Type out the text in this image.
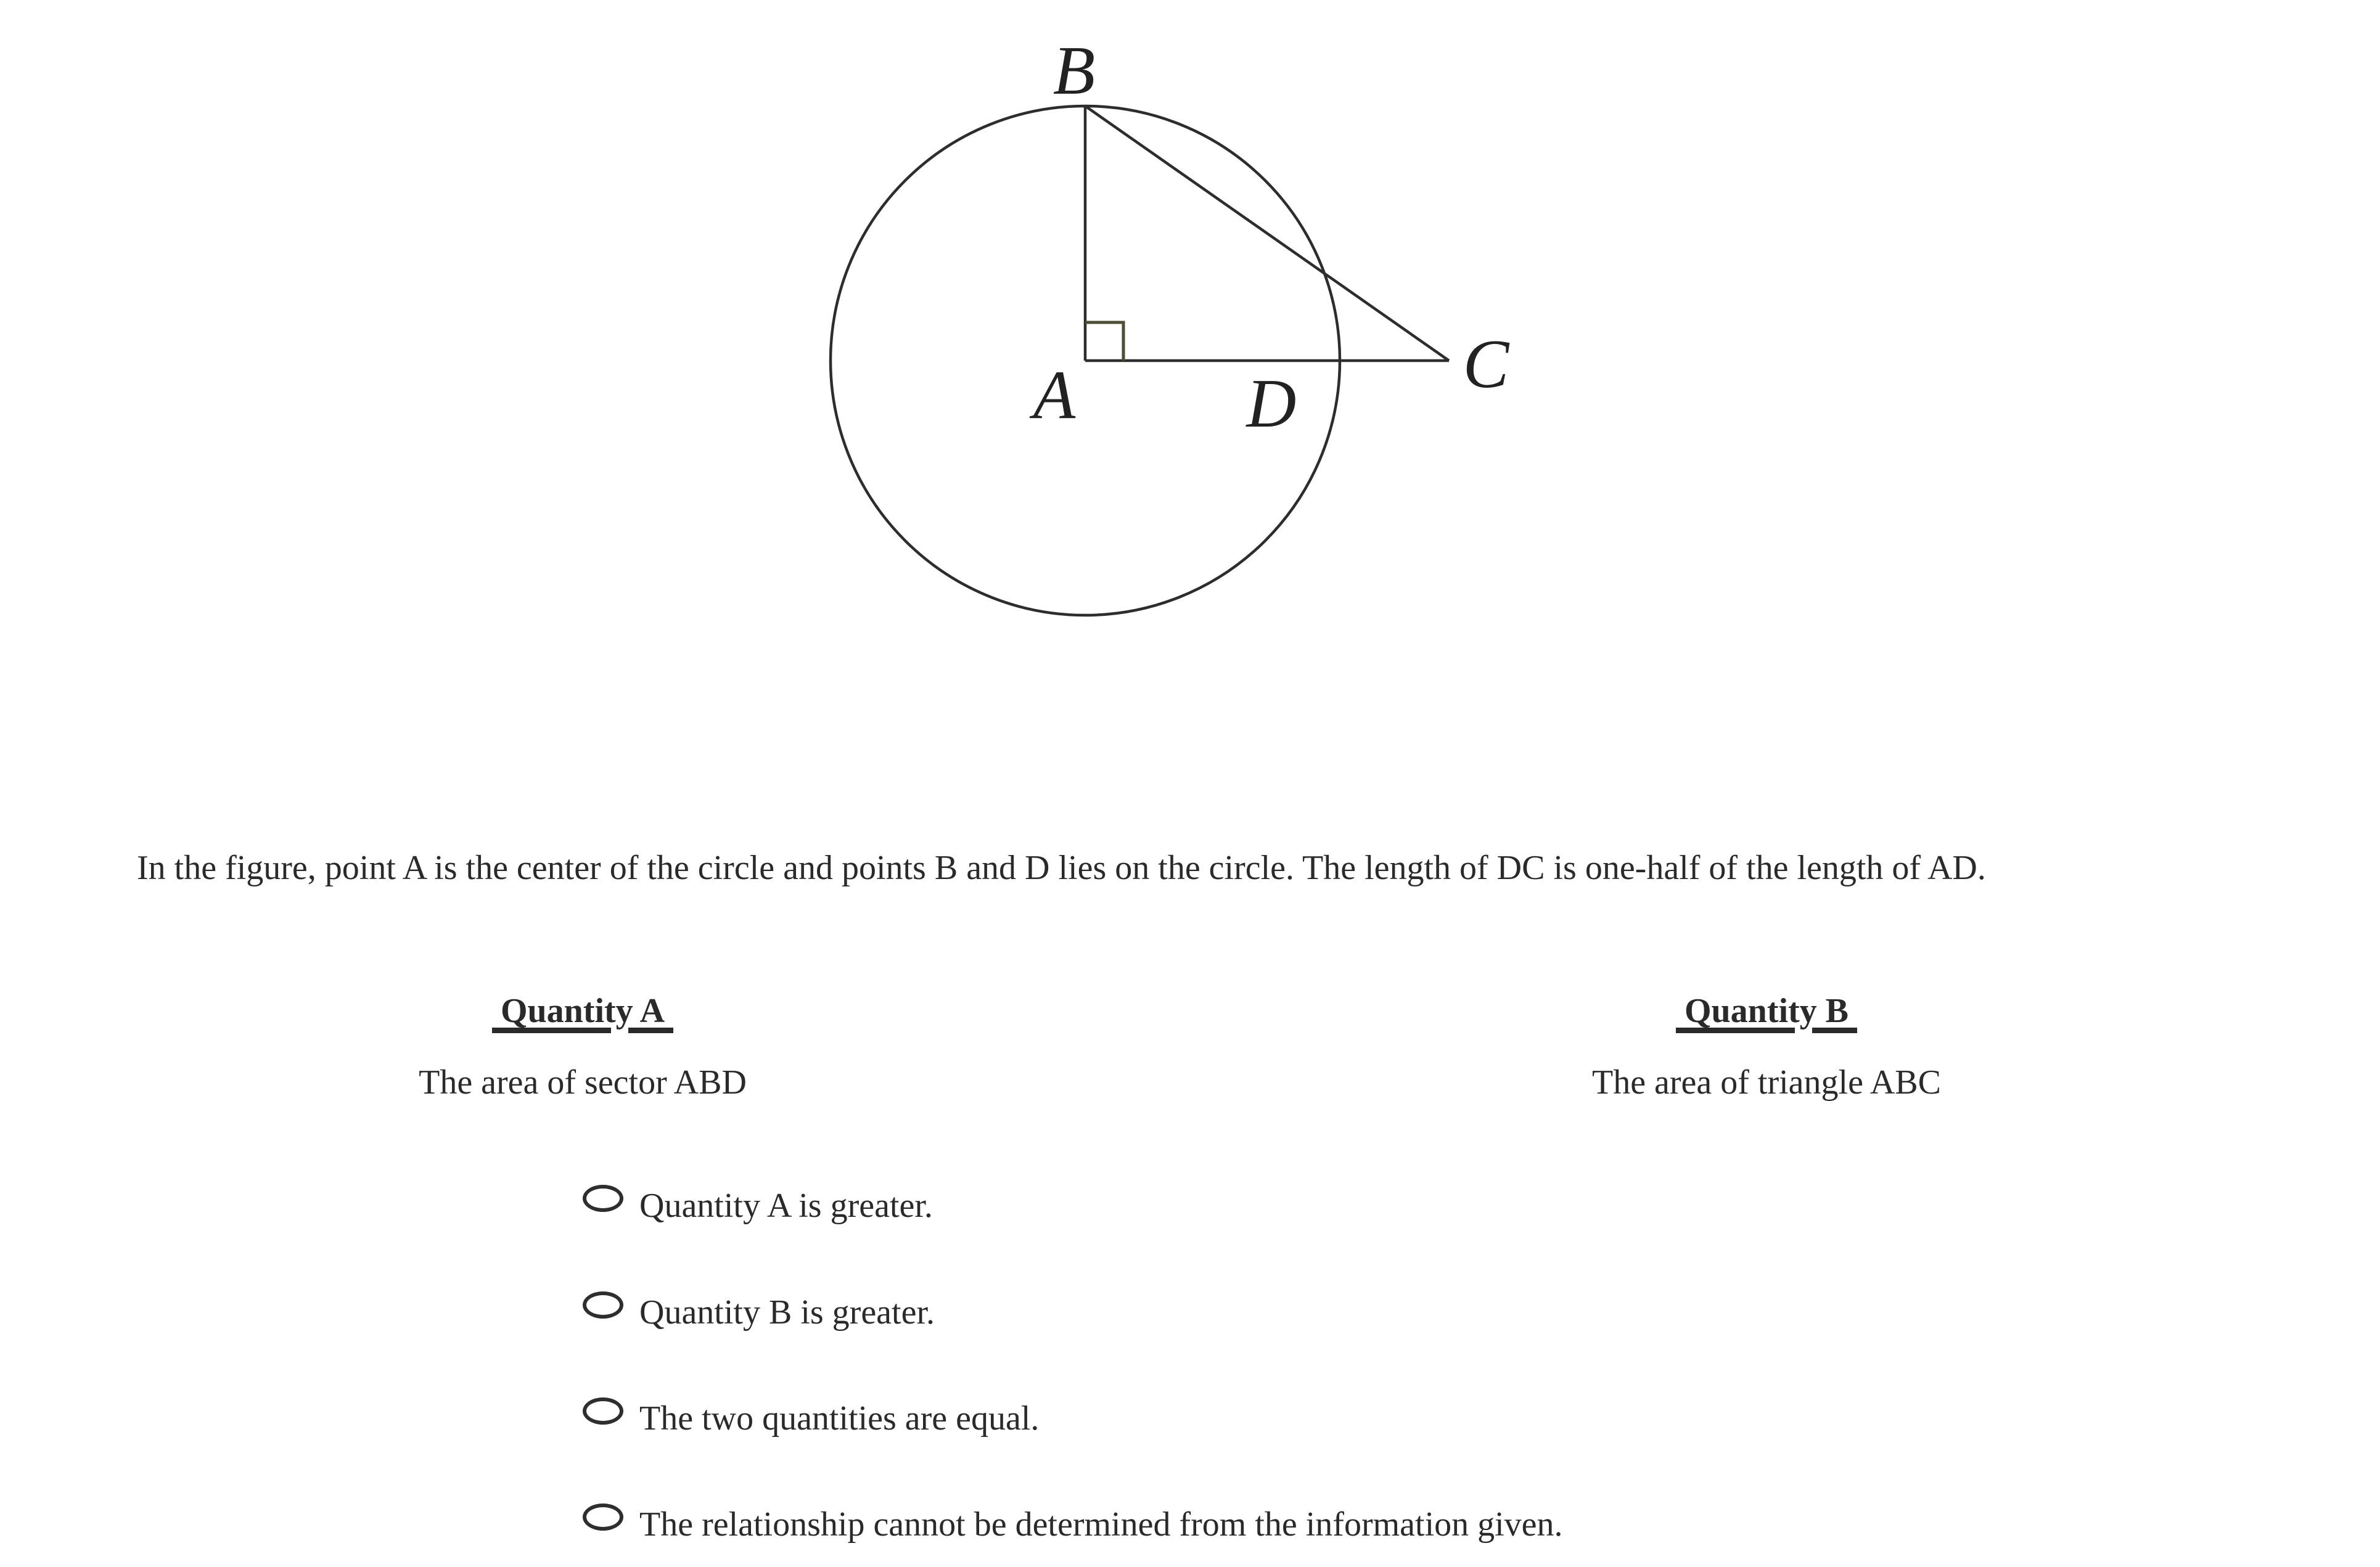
B
A D
C

In the figure, point A is the center of the circle and points B and D lies on the circle. The length of DC is one-half of the length of AD.

Quantity A
The area of sector ABD
Quantity B
The area of triangle ABC
Quantity A is greater.
Quantity B is greater.
The two quantities are equal.
The relationship cannot be determined from the information given.
